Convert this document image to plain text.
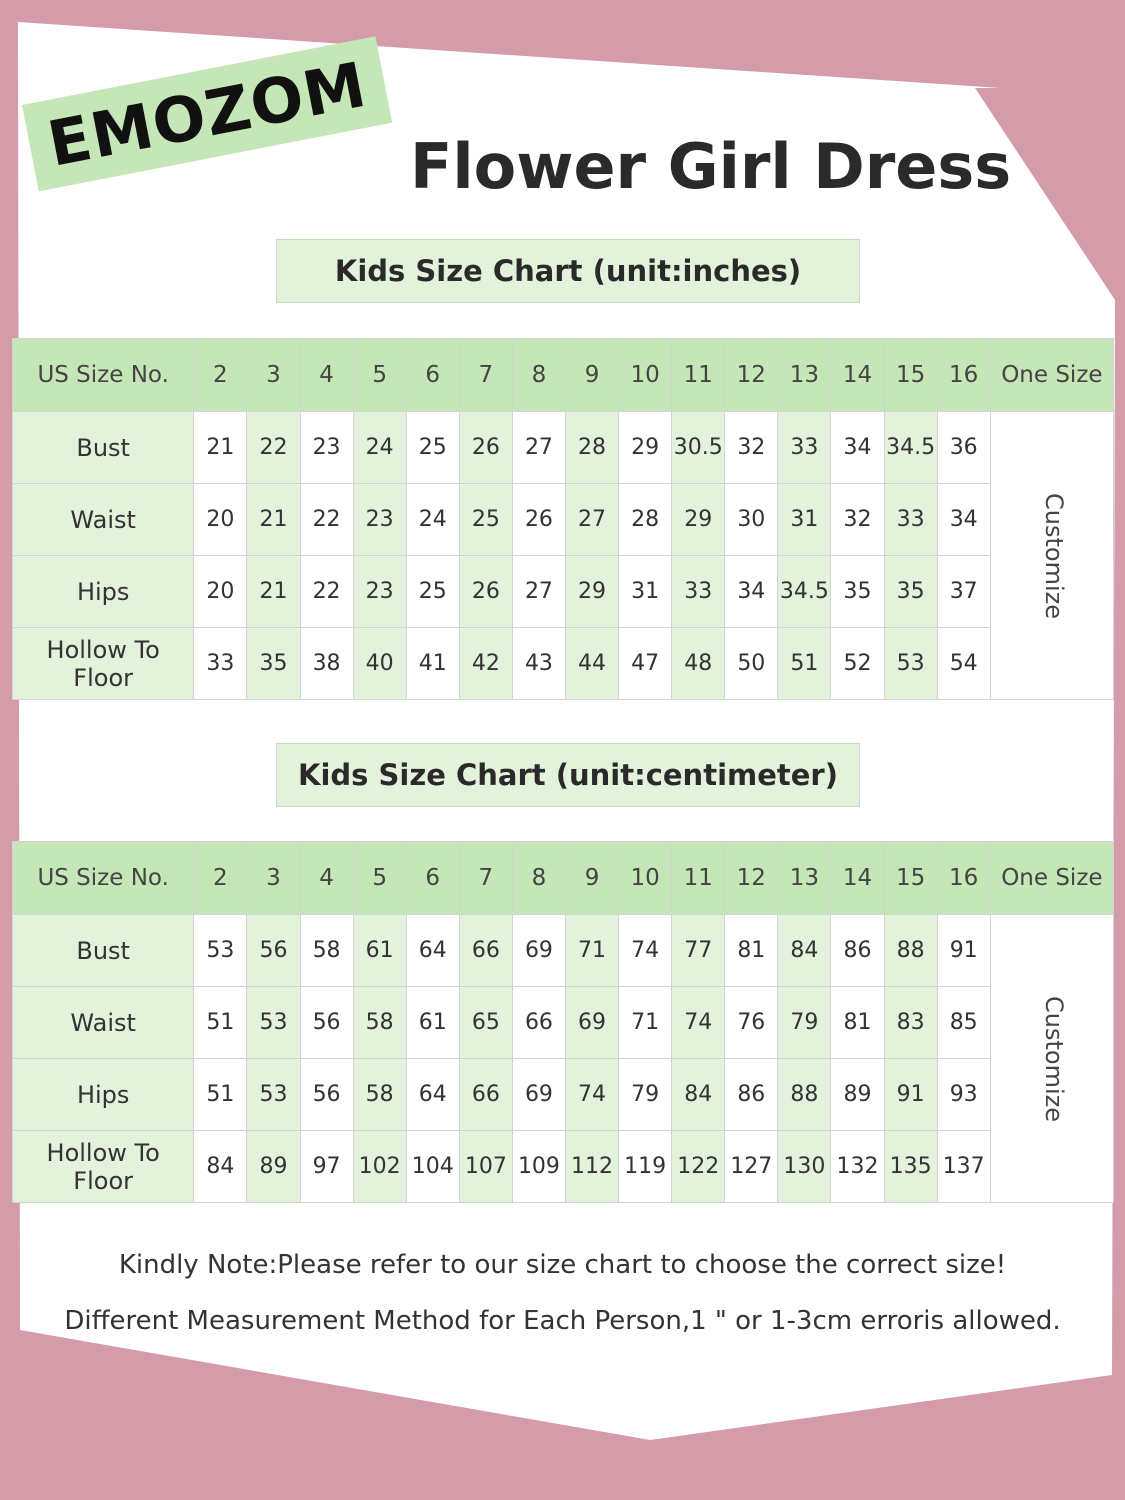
EMOZOM Flower Girl Dress
Kids Size Chart (unit:inches)
US Size No.	2	3	4	5	6	7	8	9	10	11	12	13	14	15	16	One Size
Bust	21	22	23	24	25	26	27	28	29	30.5	32	33	34	34.5	36	Customize
Waist	20	21	22	23	24	25	26	27	28	29	30	31	32	33	34	
Hips	20	21	22	23	25	26	27	29	31	33	34	34.5	35	35	37	
Hollow To Floor	33	35	38	40	41	42	43	44	47	48	50	51	52	53	54	
Kids Size Chart (unit:centimeter)
US Size No.	2	3	4	5	6	7	8	9	10	11	12	13	14	15	16	One Size
Bust	53	56	58	61	64	66	69	71	74	77	81	84	86	88	91	Customize
Waist	51	53	56	58	61	65	66	69	71	74	76	79	81	83	85	
Hips	51	53	56	58	64	66	69	74	79	84	86	88	89	91	93	
Hollow To Floor	84	89	97	102	104	107	109	112	119	122	127	130	132	135	137	
Kindly Note:Please refer to our size chart to choose the correct size!
Different Measurement Method for Each Person,1 " or 1-3cm erroris allowed.
